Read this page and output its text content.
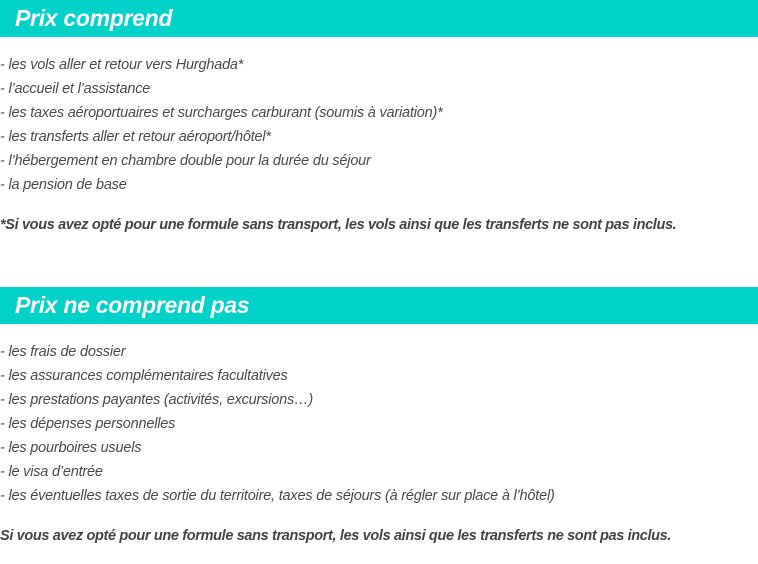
Prix comprend
- les vols aller et retour vers Hurghada*
- l’accueil et l’assistance
- les taxes aéroportuaires et surcharges carburant (soumis à variation)*
- les transferts aller et retour aéroport/hôtel*
- l’hébergement en chambre double pour la durée du séjour
- la pension de base
*Si vous avez opté pour une formule sans transport, les vols ainsi que les transferts ne sont pas inclus.
Prix ne comprend pas
- les frais de dossier
- les assurances complémentaires facultatives
- les prestations payantes (activités, excursions…)
- les dépenses personnelles
- les pourboires usuels
- le visa d’entrée
- les éventuelles taxes de sortie du territoire, taxes de séjours (à régler sur place à l’hôtel)
Si vous avez opté pour une formule sans transport, les vols ainsi que les transferts ne sont pas inclus.
